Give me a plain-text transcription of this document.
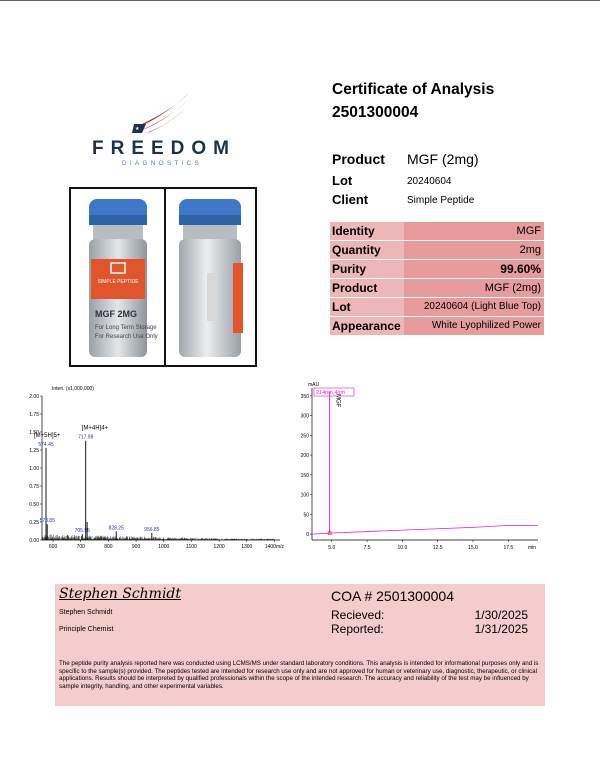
★
FREEDOM
DIAGNOSTICS
SIMPLE PEPTIDE
MGF 2MG
For Long Term Storage
For Research Use Only
Certificate of Analysis
2501300004
Product MGF (2mg)
Lot	20240604
Client	Simple Peptide
Identity	MGF
Quantity	2mg
Purity	99.60%
Product	MGF (2mg)
Lot	20240604 (Light Blue Top)
Appearance	White Lyophilized Power
Inten. (x1,000,000)
0.00
0.25
0.50
0.75
1.00
1.25
1.50
1.75
2.00
600	700	800	900	1000	1100	1200	1300	1400m/z
574.45
578.85
705.55
717.98
828.25	956.85
[M+5H]5+
[M+4H]4+
mAU
0
50
100
150
200
250
300
350
5.0	7.5	10.0	12.5	15.0	17.5	min
MGF
214nm,4nm
Stephen Schmidt
Stephen Schmidt
Principle Chemist
COA # 2501300004
Recieved:	1/30/2025
Reported:	1/31/2025
The peptide purity analysis reported here was conducted using LCMS/MS under standard laboratory conditions. This analysis is intended for informational purposes only and is specific to the sample(s) provided. The peptides tested are intended for research use only and are not approved for human or veterinary use, diagnostic, therapeutic, or clinical applications. Results should be interpreted by qualified professionals within the scope of the intended research. The accuracy and reliability of the test may be influenced by sample integrity, handling, and other experimental variables.
